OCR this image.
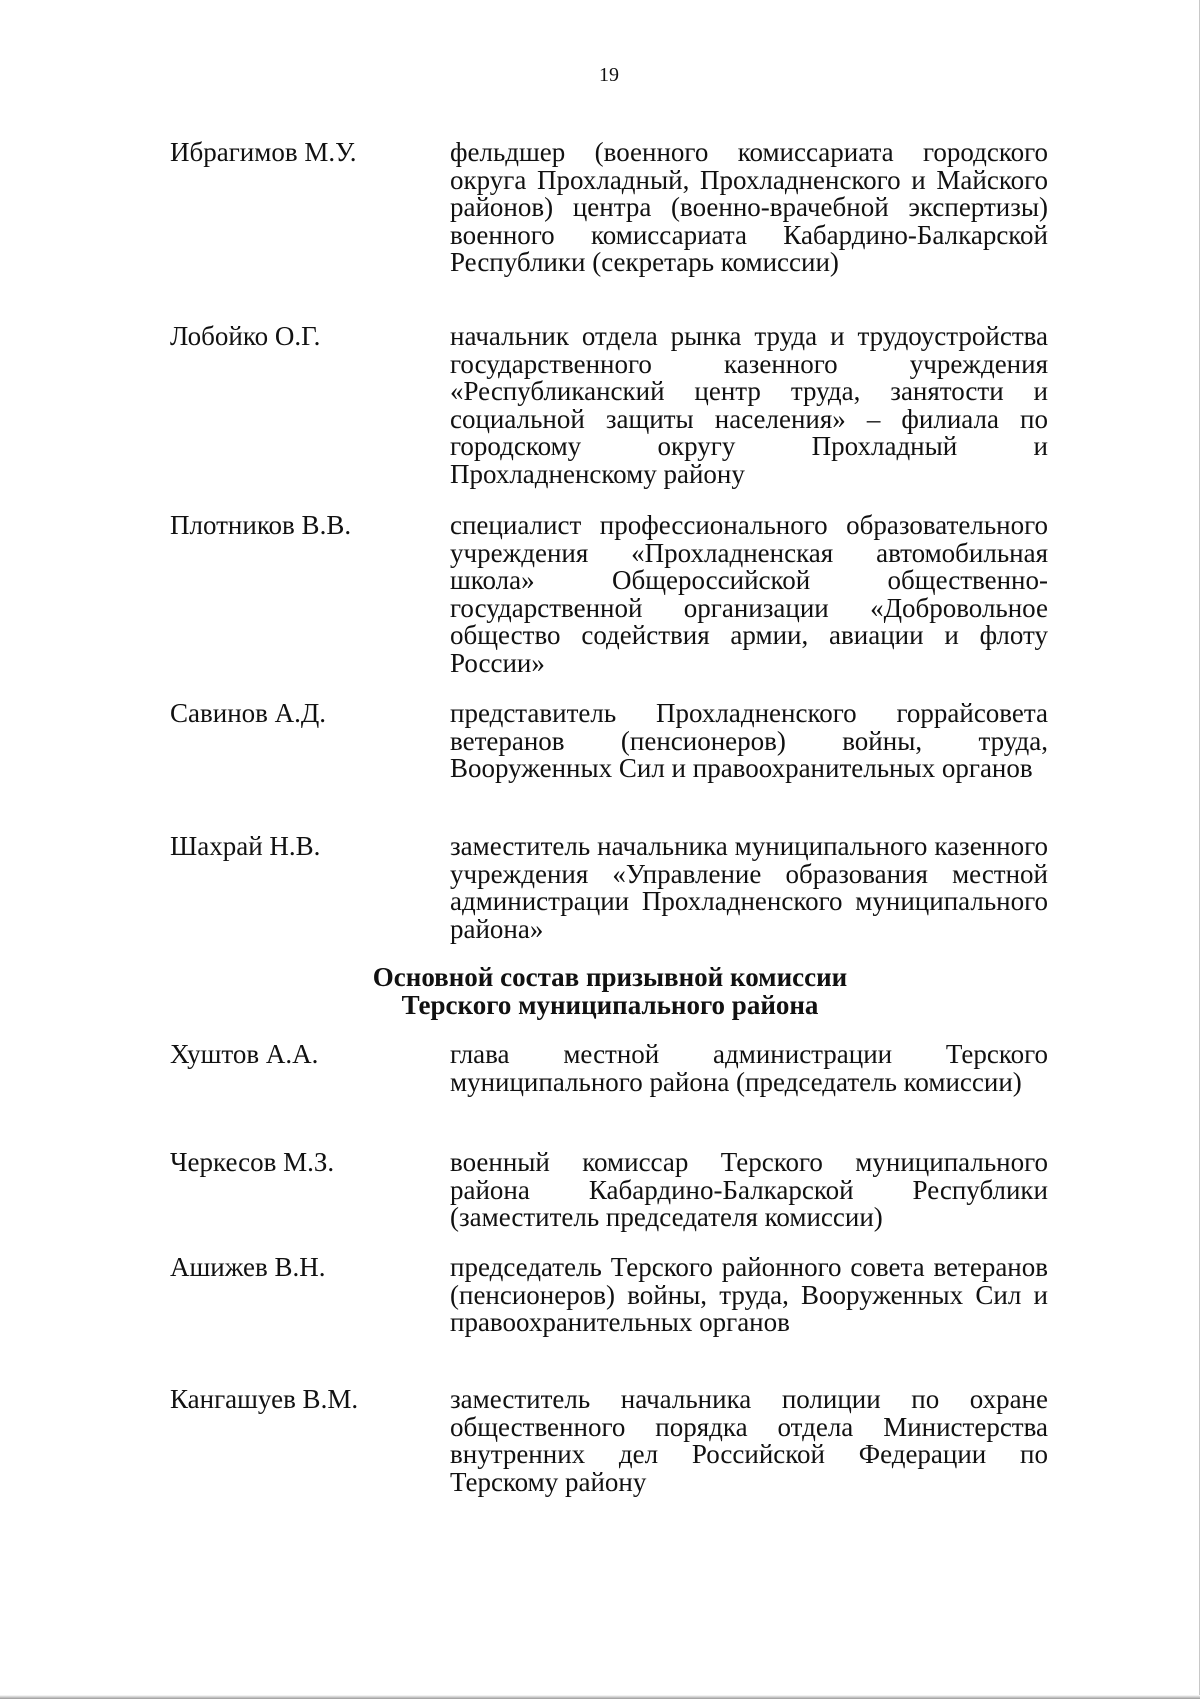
19
Ибрагимов М.У.	фельдшер (военного комиссариата городского округа Прохладный, Прохладненского и Майского районов) центра (военно-врачебной экспертизы) военного комиссариата Кабардино-Балкарской Республики (секретарь комиссии)
Лобойко О.Г.	начальник отдела рынка труда и трудоустройства государственного казенного учреждения «Республиканский центр труда, занятости и социальной защиты населения» – филиала по городскому округу Прохладный и Прохладненскому району
Плотников В.В.	специалист профессионального образовательного учреждения «Прохладненская автомобильная школа» Общероссийской общественно-государственной организации «Добровольное общество содействия армии, авиации и флоту России»
Савинов А.Д.	представитель Прохладненского горрайсовета ветеранов (пенсионеров) войны, труда, Вооруженных Сил и правоохранительных органов
Шахрай Н.В.	заместитель начальника муниципального казенного учреждения «Управление образования местной администрации Прохладненского муниципального района»
Основной состав призывной комиссии
Терского муниципального района
Хуштов А.А.	глава местной администрации Терского муниципального района (председатель комиссии)
Черкесов М.З.	военный комиссар Терского муниципального района Кабардино-Балкарской Республики (заместитель председателя комиссии)
Ашижев В.Н.	председатель Терского районного совета ветеранов (пенсионеров) войны, труда, Вооруженных Сил и правоохранительных органов
Кангашуев В.М.	заместитель начальника полиции по охране общественного порядка отдела Министерства внутренних дел Российской Федерации по Терскому району
